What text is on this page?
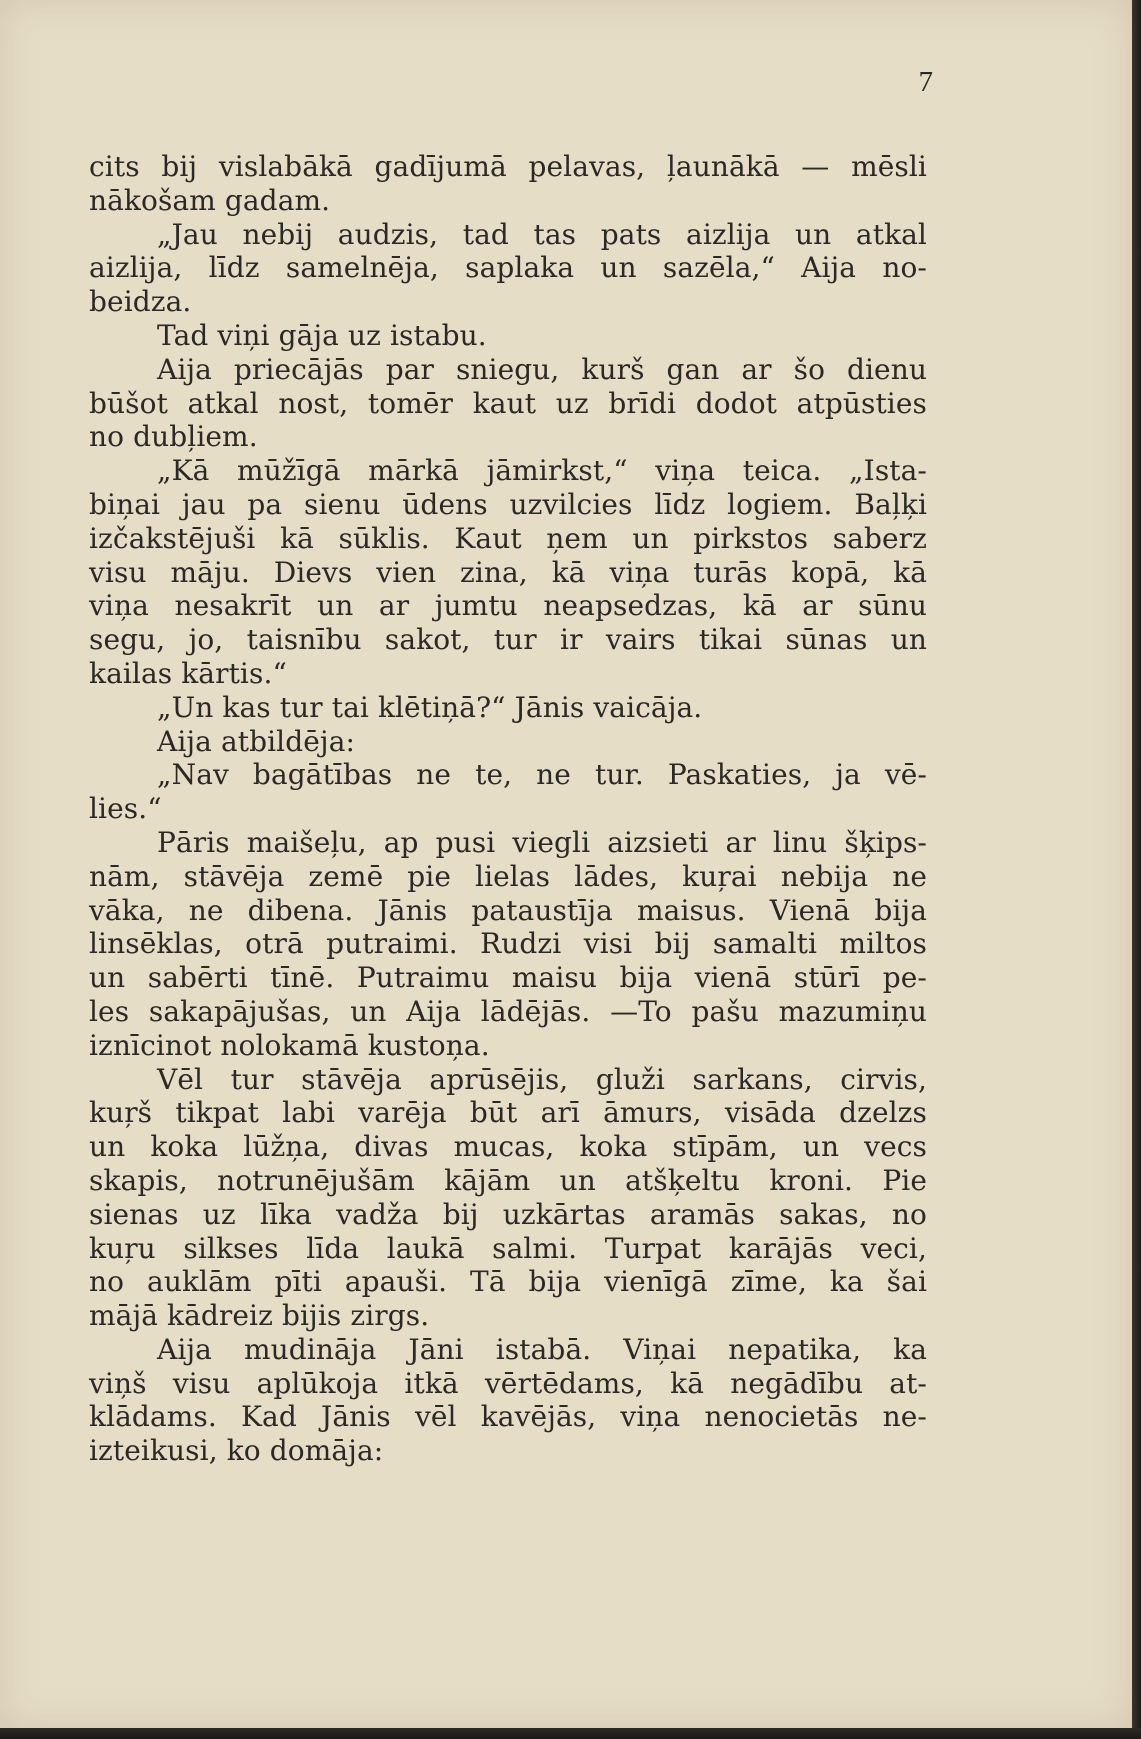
7
cits bij vislabākā gadījumā pelavas, ļaunākā — mēsli
nākošam gadam.
„Jau nebij audzis, tad tas pats aizlija un atkal
aizlija, līdz samelnēja, saplaka un sazēla,“ Aija no-
beidza.
Tad viņi gāja uz istabu.
Aija priecājās par sniegu, kurš gan ar šo dienu
būšot atkal nost, tomēr kaut uz brīdi dodot atpūsties
no dubļiem.
„Kā mūžīgā mārkā jāmirkst,“ viņa teica. „Ista-
biņai jau pa sienu ūdens uzvilcies līdz logiem. Baļķi
izčakstējuši kā sūklis. Kaut ņem un pirkstos saberz
visu māju. Dievs vien zina, kā viņa turās kopā, kā
viņa nesakrīt un ar jumtu neapsedzas, kā ar sūnu
segu, jo, taisnību sakot, tur ir vairs tikai sūnas un
kailas kārtis.“
„Un kas tur tai klētiņā?“ Jānis vaicāja.
Aija atbildēja:
„Nav bagātības ne te, ne tur. Paskaties, ja vē-
lies.“
Pāris maišeļu, ap pusi viegli aizsieti ar linu šķips-
nām, stāvēja zemē pie lielas lādes, kuŗai nebija ne
vāka, ne dibena. Jānis pataustīja maisus. Vienā bija
linsēklas, otrā putraimi. Rudzi visi bij samalti miltos
un sabērti tīnē. Putraimu maisu bija vienā stūrī pe-
les sakapājušas, un Aija lādējās. —To pašu mazumiņu
iznīcinot nolokamā kustoņa.
Vēl tur stāvēja aprūsējis, gluži sarkans, cirvis,
kuŗš tikpat labi varēja būt arī āmurs, visāda dzelzs
un koka lūžņa, divas mucas, koka stīpām, un vecs
skapis, notrunējušām kājām un atšķeltu kroni. Pie
sienas uz līka vadža bij uzkārtas aramās sakas, no
kuŗu silkses līda laukā salmi. Turpat karājās veci,
no auklām pīti apauši. Tā bija vienīgā zīme, ka šai
mājā kādreiz bijis zirgs.
Aija mudināja Jāni istabā. Viņai nepatika, ka
viņš visu aplūkoja itkā vērtēdams, kā negādību at-
klādams. Kad Jānis vēl kavējās, viņa nenocietās ne-
izteikusi, ko domāja:
